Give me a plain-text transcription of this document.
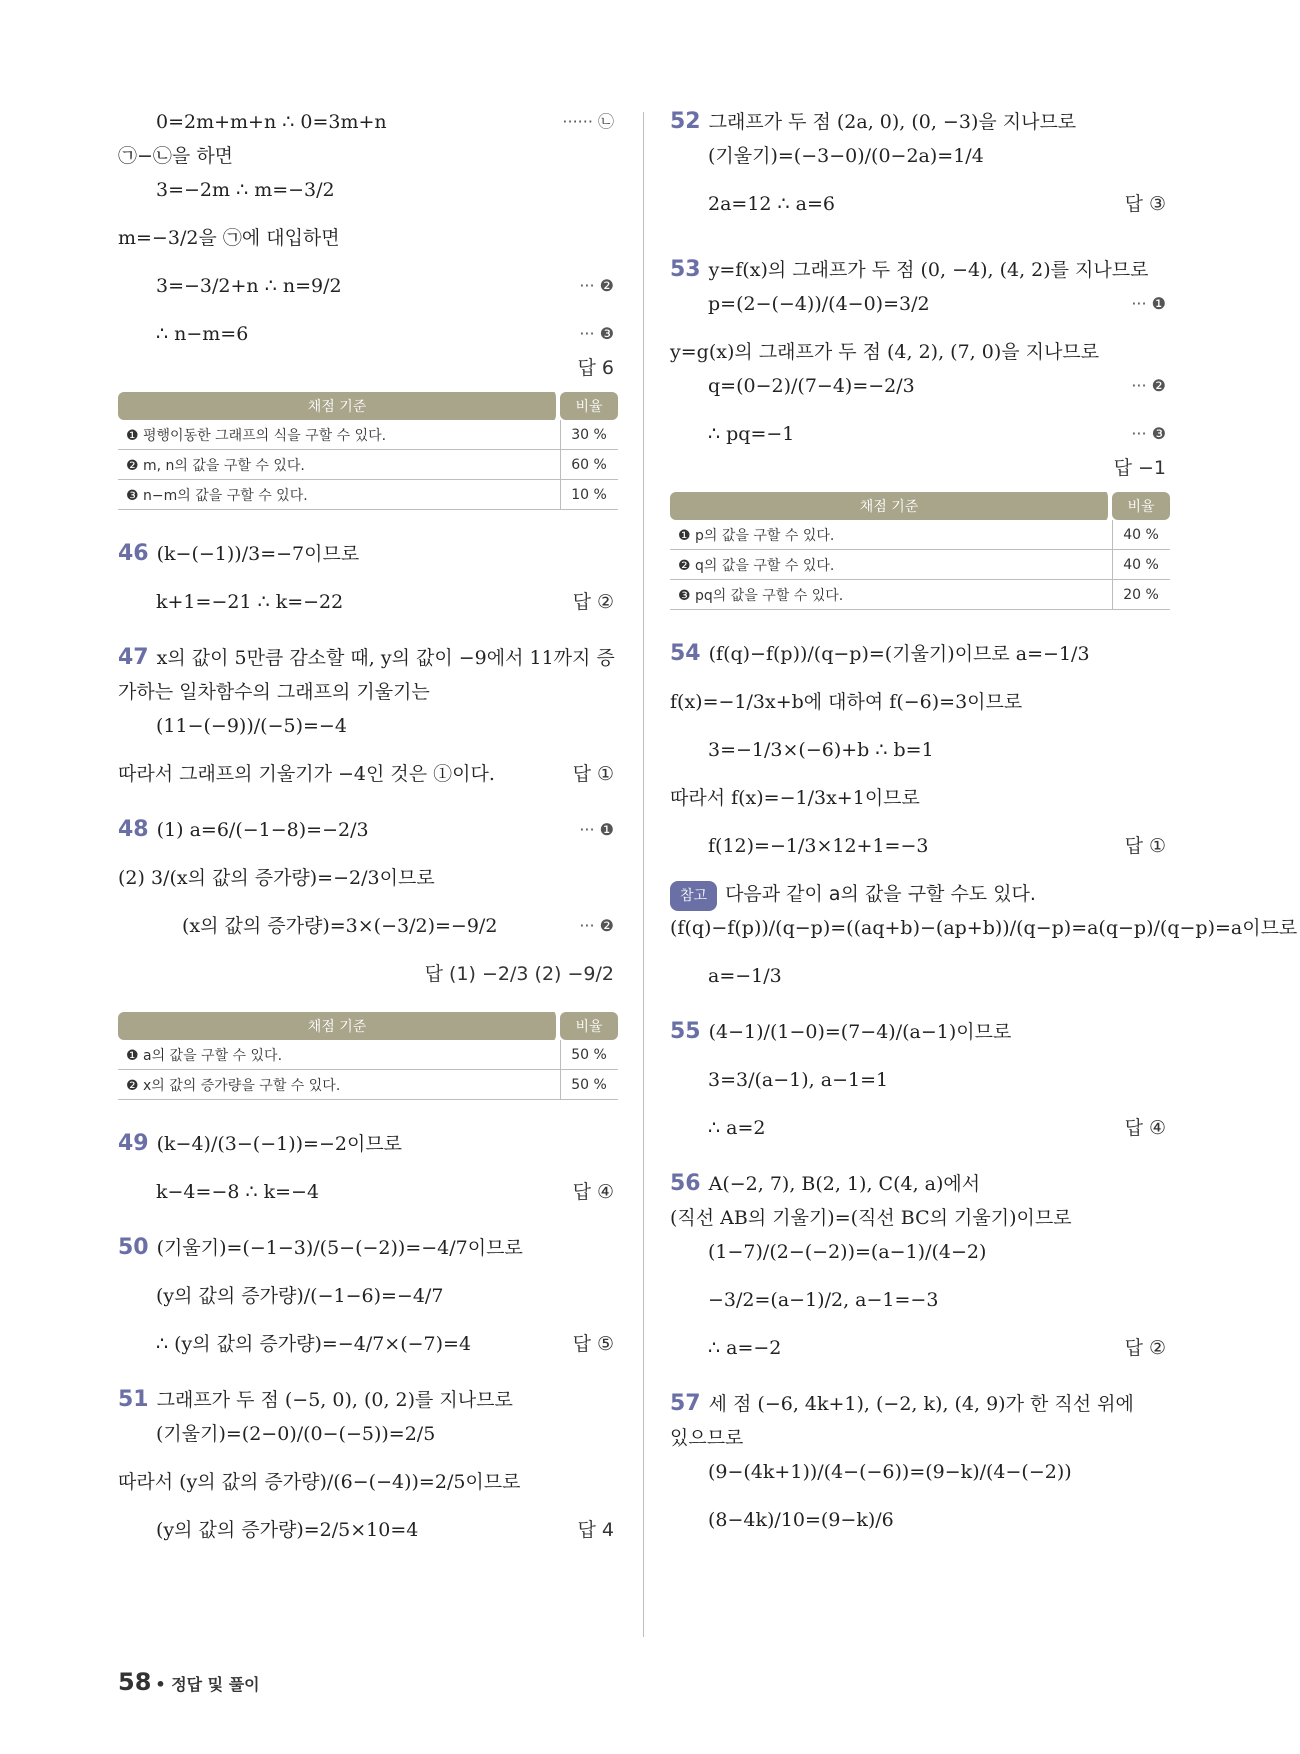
0=2m+m+n ∴ 0=3m+n	······ ㉡
㉠−㉡을 하면
3=−2m ∴ m=−3/2
m=−3/2을 ㉠에 대입하면
3=−3/2+n ∴ n=9/2	··· ❷
∴ n−m=6	··· ❸
답 6
채점 기준	비율
❶ 평행이동한 그래프의 식을 구할 수 있다.	30 %
❷ m, n의 값을 구할 수 있다.	60 %
❸ n−m의 값을 구할 수 있다.	10 %
46 (k−(−1))/3=−7이므로
k+1=−21 ∴ k=−22	답 ②
47 x의 값이 5만큼 감소할 때, y의 값이 −9에서 11까지 증
가하는 일차함수의 그래프의 기울기는
(11−(−9))/(−5)=−4
따라서 그래프의 기울기가 −4인 것은 ①이다.	답 ①
48 (1) a=6/(−1−8)=−2/3	··· ❶
(2) 3/(x의 값의 증가량)=−2/3이므로
(x의 값의 증가량)=3×(−3/2)=−9/2	··· ❷
답 (1) −2/3 (2) −9/2
채점 기준	비율
❶ a의 값을 구할 수 있다.	50 %
❷ x의 값의 증가량을 구할 수 있다.	50 %
49 (k−4)/(3−(−1))=−2이므로
k−4=−8 ∴ k=−4	답 ④
50 (기울기)=(−1−3)/(5−(−2))=−4/7이므로
(y의 값의 증가량)/(−1−6)=−4/7
∴ (y의 값의 증가량)=−4/7×(−7)=4	답 ⑤
51 그래프가 두 점 (−5, 0), (0, 2)를 지나므로
(기울기)=(2−0)/(0−(−5))=2/5
따라서 (y의 값의 증가량)/(6−(−4))=2/5이므로
(y의 값의 증가량)=2/5×10=4	답 4
52 그래프가 두 점 (2a, 0), (0, −3)을 지나므로
(기울기)=(−3−0)/(0−2a)=1/4
2a=12 ∴ a=6	답 ③
53 y=f(x)의 그래프가 두 점 (0, −4), (4, 2)를 지나므로
p=(2−(−4))/(4−0)=3/2	··· ❶
y=g(x)의 그래프가 두 점 (4, 2), (7, 0)을 지나므로
q=(0−2)/(7−4)=−2/3	··· ❷
∴ pq=−1	··· ❸
답 −1
채점 기준	비율
❶ p의 값을 구할 수 있다.	40 %
❷ q의 값을 구할 수 있다.	40 %
❸ pq의 값을 구할 수 있다.	20 %
54 (f(q)−f(p))/(q−p)=(기울기)이므로 a=−1/3
f(x)=−1/3x+b에 대하여 f(−6)=3이므로
3=−1/3×(−6)+b ∴ b=1
따라서 f(x)=−1/3x+1이므로
f(12)=−1/3×12+1=−3	답 ①
참고 다음과 같이 a의 값을 구할 수도 있다.
(f(q)−f(p))/(q−p)=((aq+b)−(ap+b))/(q−p)=a(q−p)/(q−p)=a이므로
a=−1/3
55 (4−1)/(1−0)=(7−4)/(a−1)이므로
3=3/(a−1), a−1=1
∴ a=2	답 ④
56 A(−2, 7), B(2, 1), C(4, a)에서
(직선 AB의 기울기)=(직선 BC의 기울기)이므로
(1−7)/(2−(−2))=(a−1)/(4−2)
−3/2=(a−1)/2, a−1=−3
∴ a=−2	답 ②
57 세 점 (−6, 4k+1), (−2, k), (4, 9)가 한 직선 위에
있으므로
(9−(4k+1))/(4−(−6))=(9−k)/(4−(−2))
(8−4k)/10=(9−k)/6
58 • 정답 및 풀이
